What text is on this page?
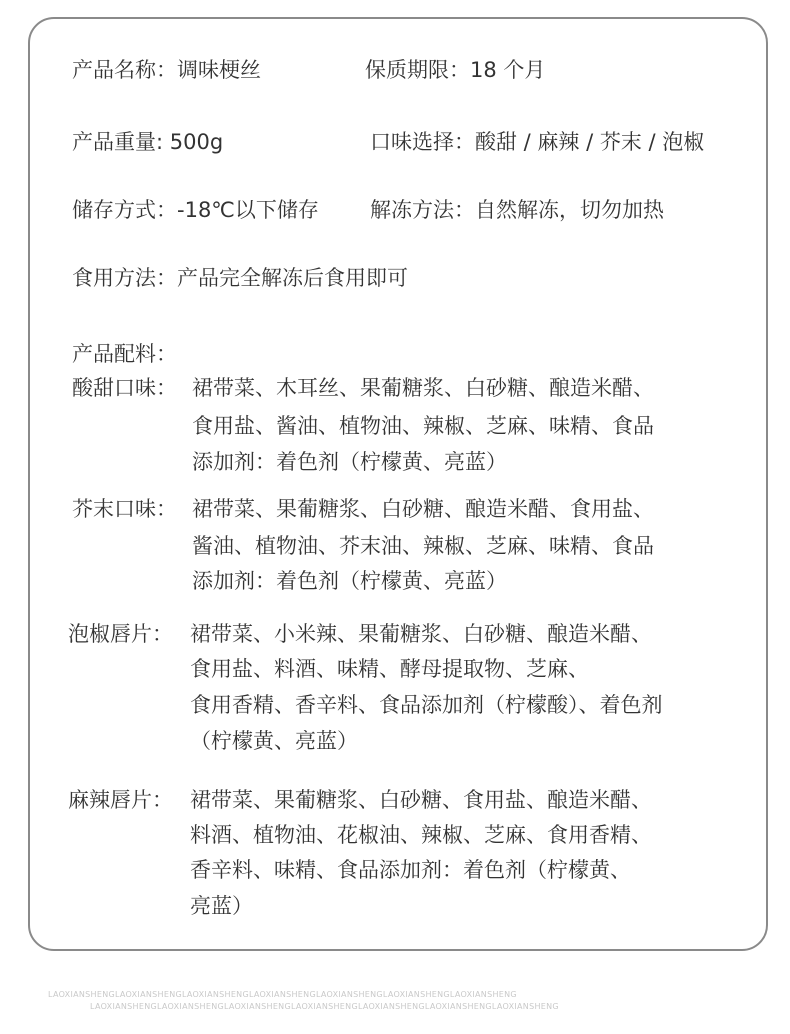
产品名称：调味梗丝	保质期限：18 个月
产品重量: 500g	口味选择：酸甜 / 麻辣 / 芥末 / 泡椒
储存方式：-18℃以下储存 解冻方法：自然解冻，切勿加热
食用方法：产品完全解冻后食用即可
产品配料：
酸甜口味： 裙带菜、木耳丝、果葡糖浆、白砂糖、酿造米醋、
食用盐、酱油、植物油、辣椒、芝麻、味精、食品
添加剂：着色剂（柠檬黄、亮蓝）
芥末口味： 裙带菜、果葡糖浆、白砂糖、酿造米醋、食用盐、
酱油、植物油、芥末油、辣椒、芝麻、味精、食品
添加剂：着色剂（柠檬黄、亮蓝）
泡椒唇片： 裙带菜、小米辣、果葡糖浆、白砂糖、酿造米醋、
食用盐、料酒、味精、酵母提取物、芝麻、
食用香精、香辛料、食品添加剂（柠檬酸）、着色剂
（柠檬黄、亮蓝）
麻辣唇片： 裙带菜、果葡糖浆、白砂糖、食用盐、酿造米醋、
料酒、植物油、花椒油、辣椒、芝麻、食用香精、
香辛料、味精、食品添加剂：着色剂（柠檬黄、
亮蓝）
LAOXIANSHENGLAOXIANSHENGLAOXIANSHENGLAOXIANSHENGLAOXIANSHENGLAOXIANSHENGLAOXIANSHENG
LAOXIANSHENGLAOXIANSHENGLAOXIANSHENGLAOXIANSHENGLAOXIANSHENGLAOXIANSHENGLAOXIANSHENG
